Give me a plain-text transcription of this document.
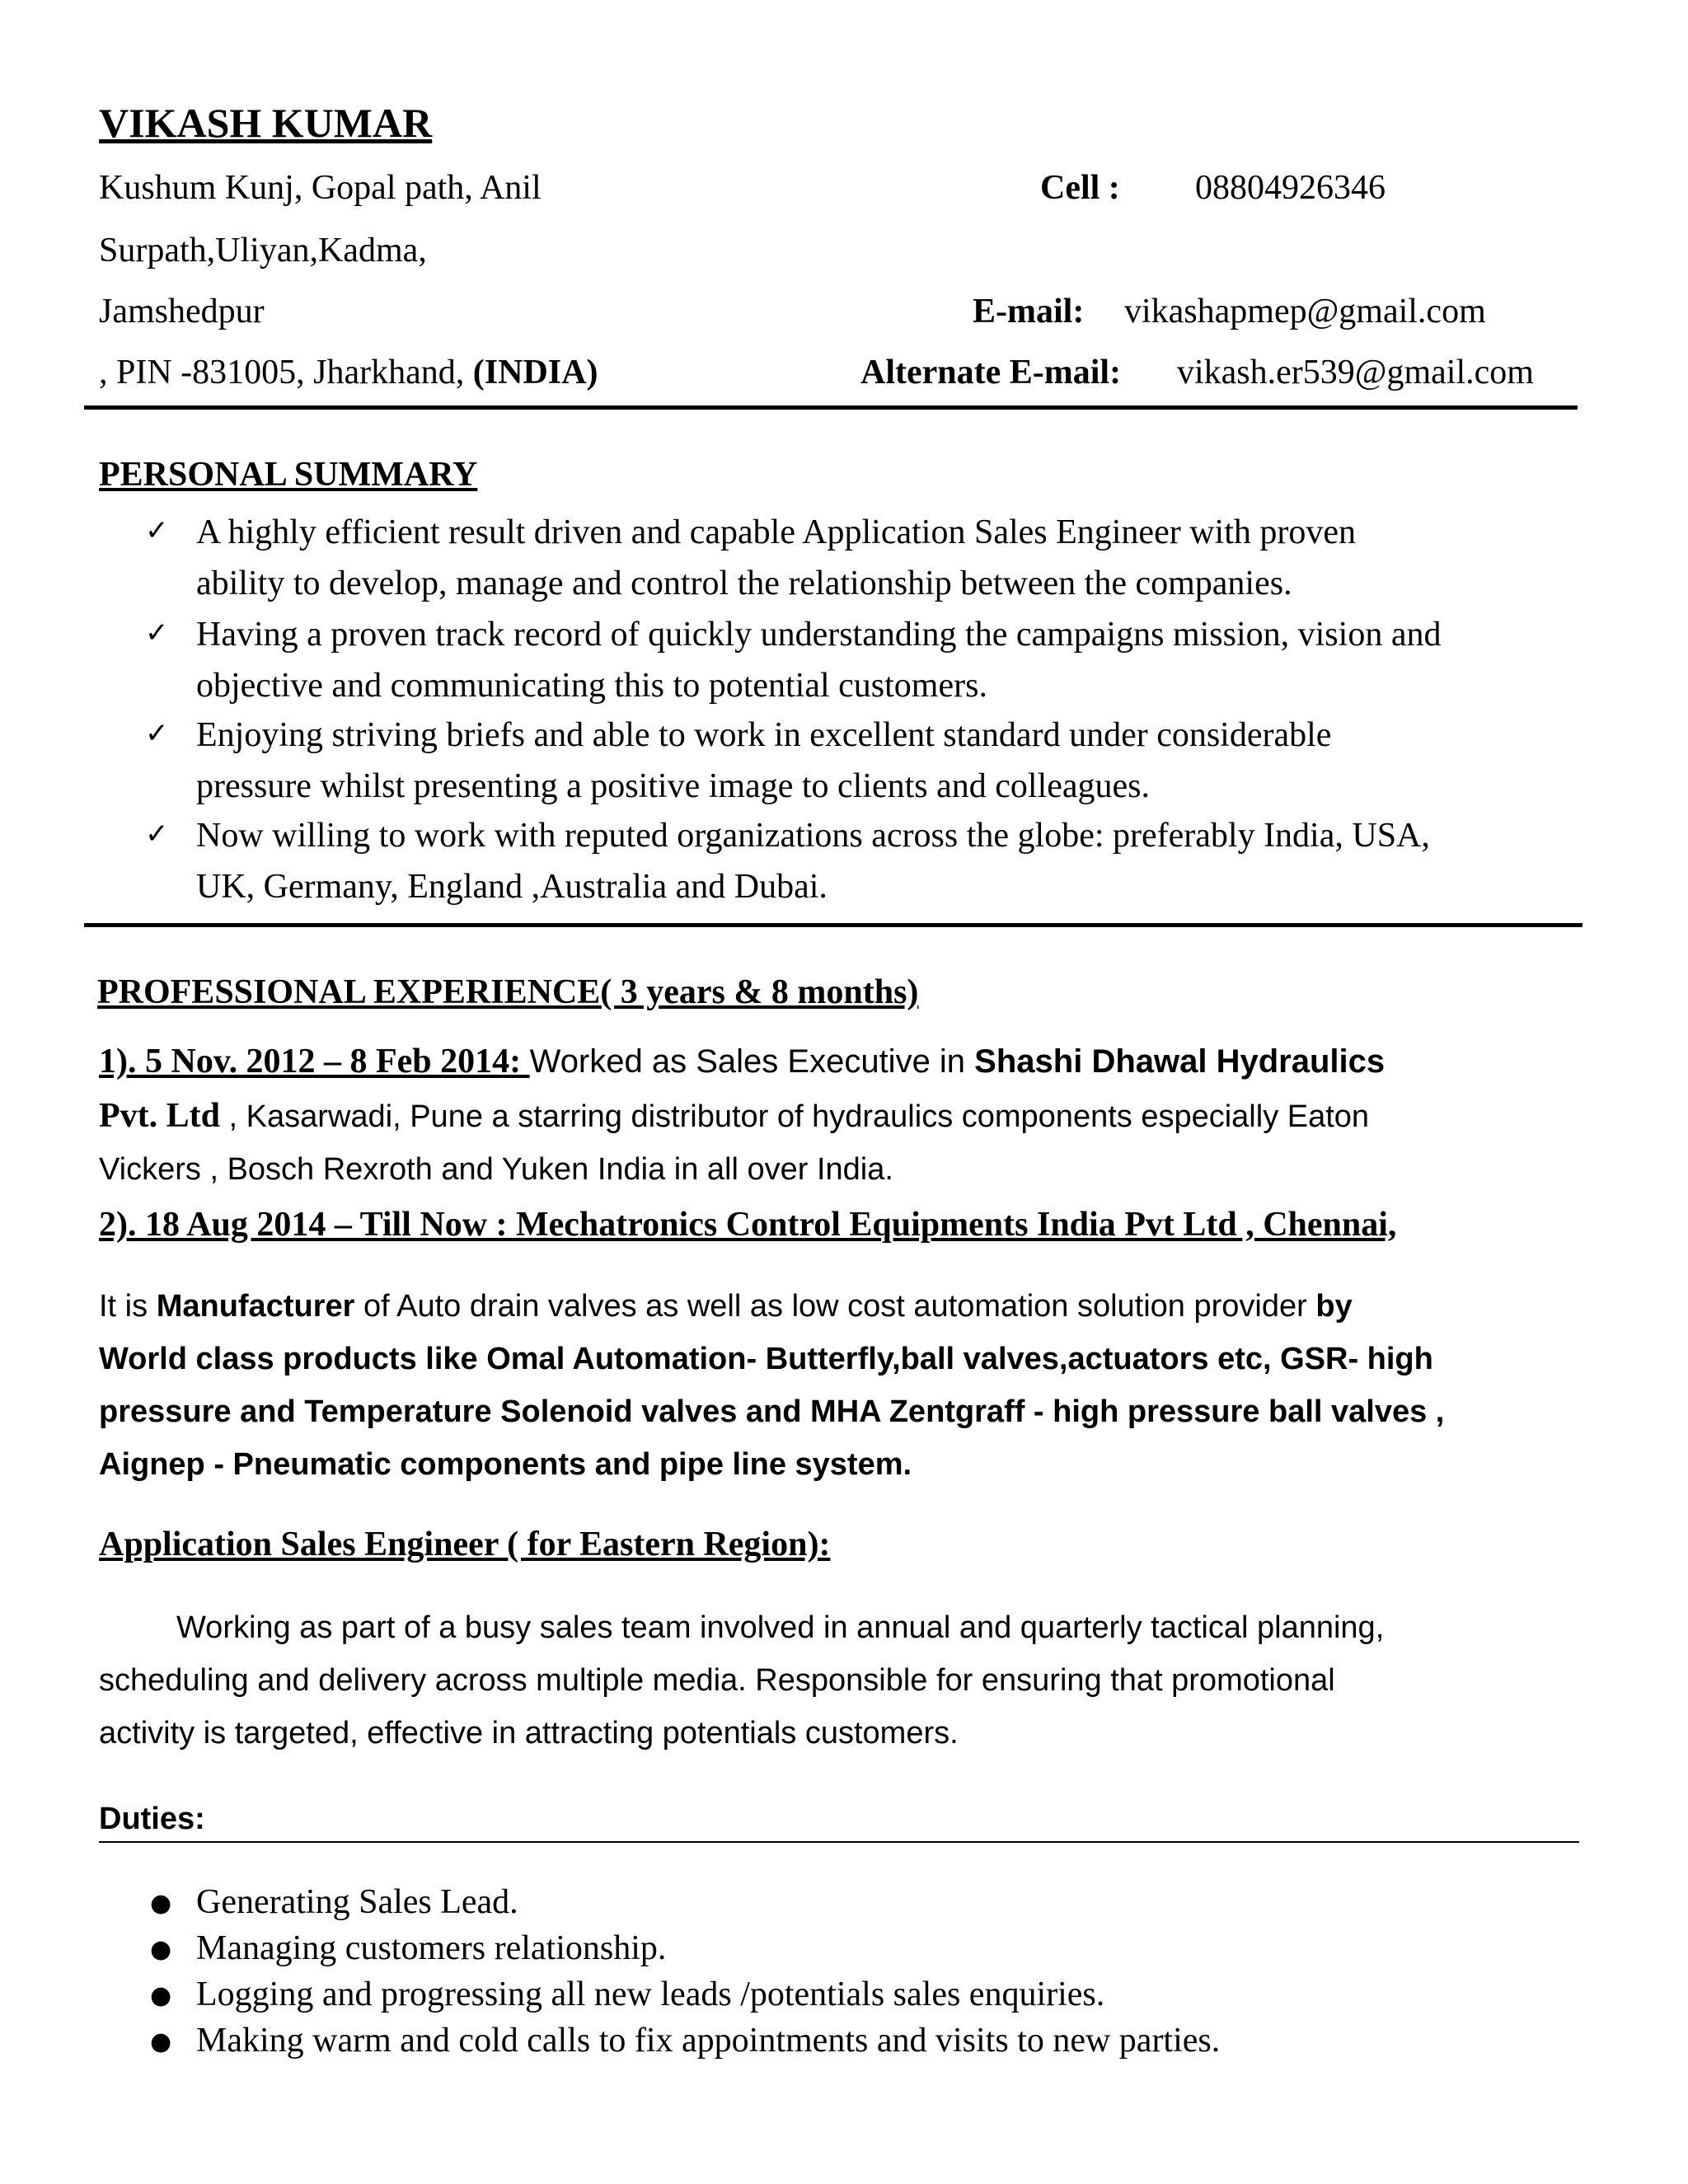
VIKASH KUMAR
Kushum Kunj, Gopal path, Anil
Surpath,Uliyan,Kadma,
Jamshedpur
, PIN -831005, Jharkhand, (INDIA)
Cell : 08804926346
E-mail: vikashapmep@gmail.com
Alternate E-mail: vikash.er539@gmail.com
PERSONAL SUMMARY
✓ A highly efficient result driven and capable Application Sales Engineer with proven
ability to develop, manage and control the relationship between the companies.
✓ Having a proven track record of quickly understanding the campaigns mission, vision and
objective and communicating this to potential customers.
✓ Enjoying striving briefs and able to work in excellent standard under considerable
pressure whilst presenting a positive image to clients and colleagues.
✓ Now willing to work with reputed organizations across the globe: preferably India, USA,
UK, Germany, England ,Australia and Dubai.
PROFESSIONAL EXPERIENCE( 3 years & 8 months)
1). 5 Nov. 2012 – 8 Feb 2014: Worked as Sales Executive in Shashi Dhawal Hydraulics
Pvt. Ltd , Kasarwadi, Pune a starring distributor of hydraulics components especially Eaton
Vickers , Bosch Rexroth and Yuken India in all over India.
2). 18 Aug 2014 – Till Now : Mechatronics Control Equipments India Pvt Ltd , Chennai,
It is Manufacturer of Auto drain valves as well as low cost automation solution provider by
World class products like Omal Automation- Butterfly,ball valves,actuators etc, GSR- high
pressure and Temperature Solenoid valves and MHA Zentgraff - high pressure ball valves ,
Aignep - Pneumatic components and pipe line system.
Application Sales Engineer ( for Eastern Region):
Working as part of a busy sales team involved in annual and quarterly tactical planning,
scheduling and delivery across multiple media. Responsible for ensuring that promotional
activity is targeted, effective in attracting potentials customers.
Duties:
● Generating Sales Lead.
● Managing customers relationship.
● Logging and progressing all new leads /potentials sales enquiries.
● Making warm and cold calls to fix appointments and visits to new parties.
